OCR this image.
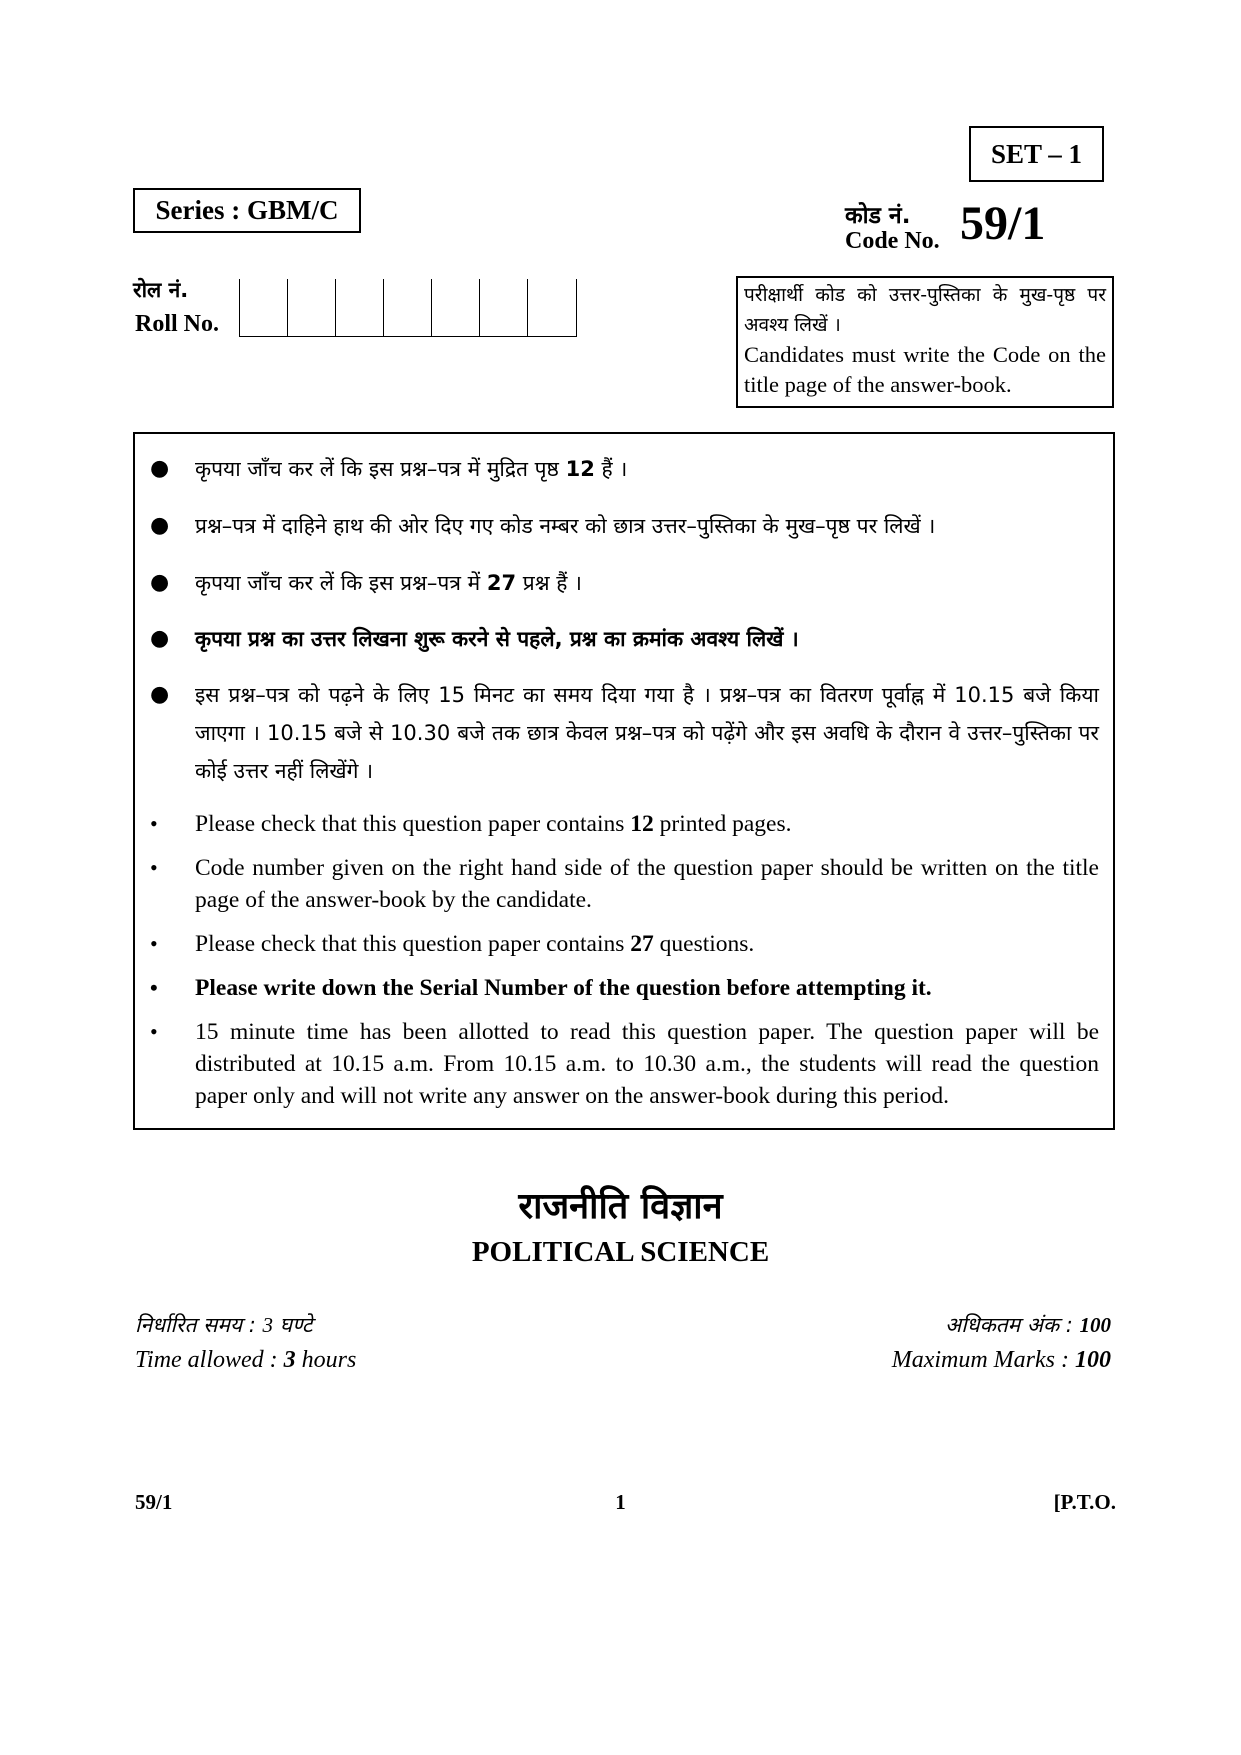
SET – 1
Series : GBM/C	कोड नं.
Code No. 59/1
रोल नं.
Roll No.
परीक्षार्थी कोड को उत्तर-पुस्तिका के मुख-पृष्ठ पर अवश्य लिखें ।
Candidates must write the Code on the title page of the answer-book.
● कृपया जाँच कर लें कि इस प्रश्न–पत्र में मुद्रित पृष्ठ 12 हैं ।
● प्रश्न–पत्र में दाहिने हाथ की ओर दिए गए कोड नम्बर को छात्र उत्तर–पुस्तिका के मुख–पृष्ठ पर लिखें ।
● कृपया जाँच कर लें कि इस प्रश्न–पत्र में 27 प्रश्न हैं ।
● कृपया प्रश्न का उत्तर लिखना शुरू करने से पहले, प्रश्न का क्रमांक अवश्य लिखें ।
● इस प्रश्न–पत्र को पढ़ने के लिए 15 मिनट का समय दिया गया है । प्रश्न–पत्र का वितरण पूर्वाह्न में 10.15 बजे किया जाएगा । 10.15 बजे से 10.30 बजे तक छात्र केवल प्रश्न–पत्र को पढ़ेंगे और इस अवधि के दौरान वे उत्तर–पुस्तिका पर कोई उत्तर नहीं लिखेंगे ।
• Please check that this question paper contains 12 printed pages.
• Code number given on the right hand side of the question paper should be written on the title page of the answer-book by the candidate.
• Please check that this question paper contains 27 questions.
• Please write down the Serial Number of the question before attempting it.
• 15 minute time has been allotted to read this question paper. The question paper will be distributed at 10.15 a.m. From 10.15 a.m. to 10.30 a.m., the students will read the question paper only and will not write any answer on the answer-book during this period.
राजनीति विज्ञान
POLITICAL SCIENCE
निर्धारित समय : 3 घण्टे
Time allowed : 3 hours
अधिकतम अंक : 100
Maximum Marks : 100
59/1	1	[P.T.O.
